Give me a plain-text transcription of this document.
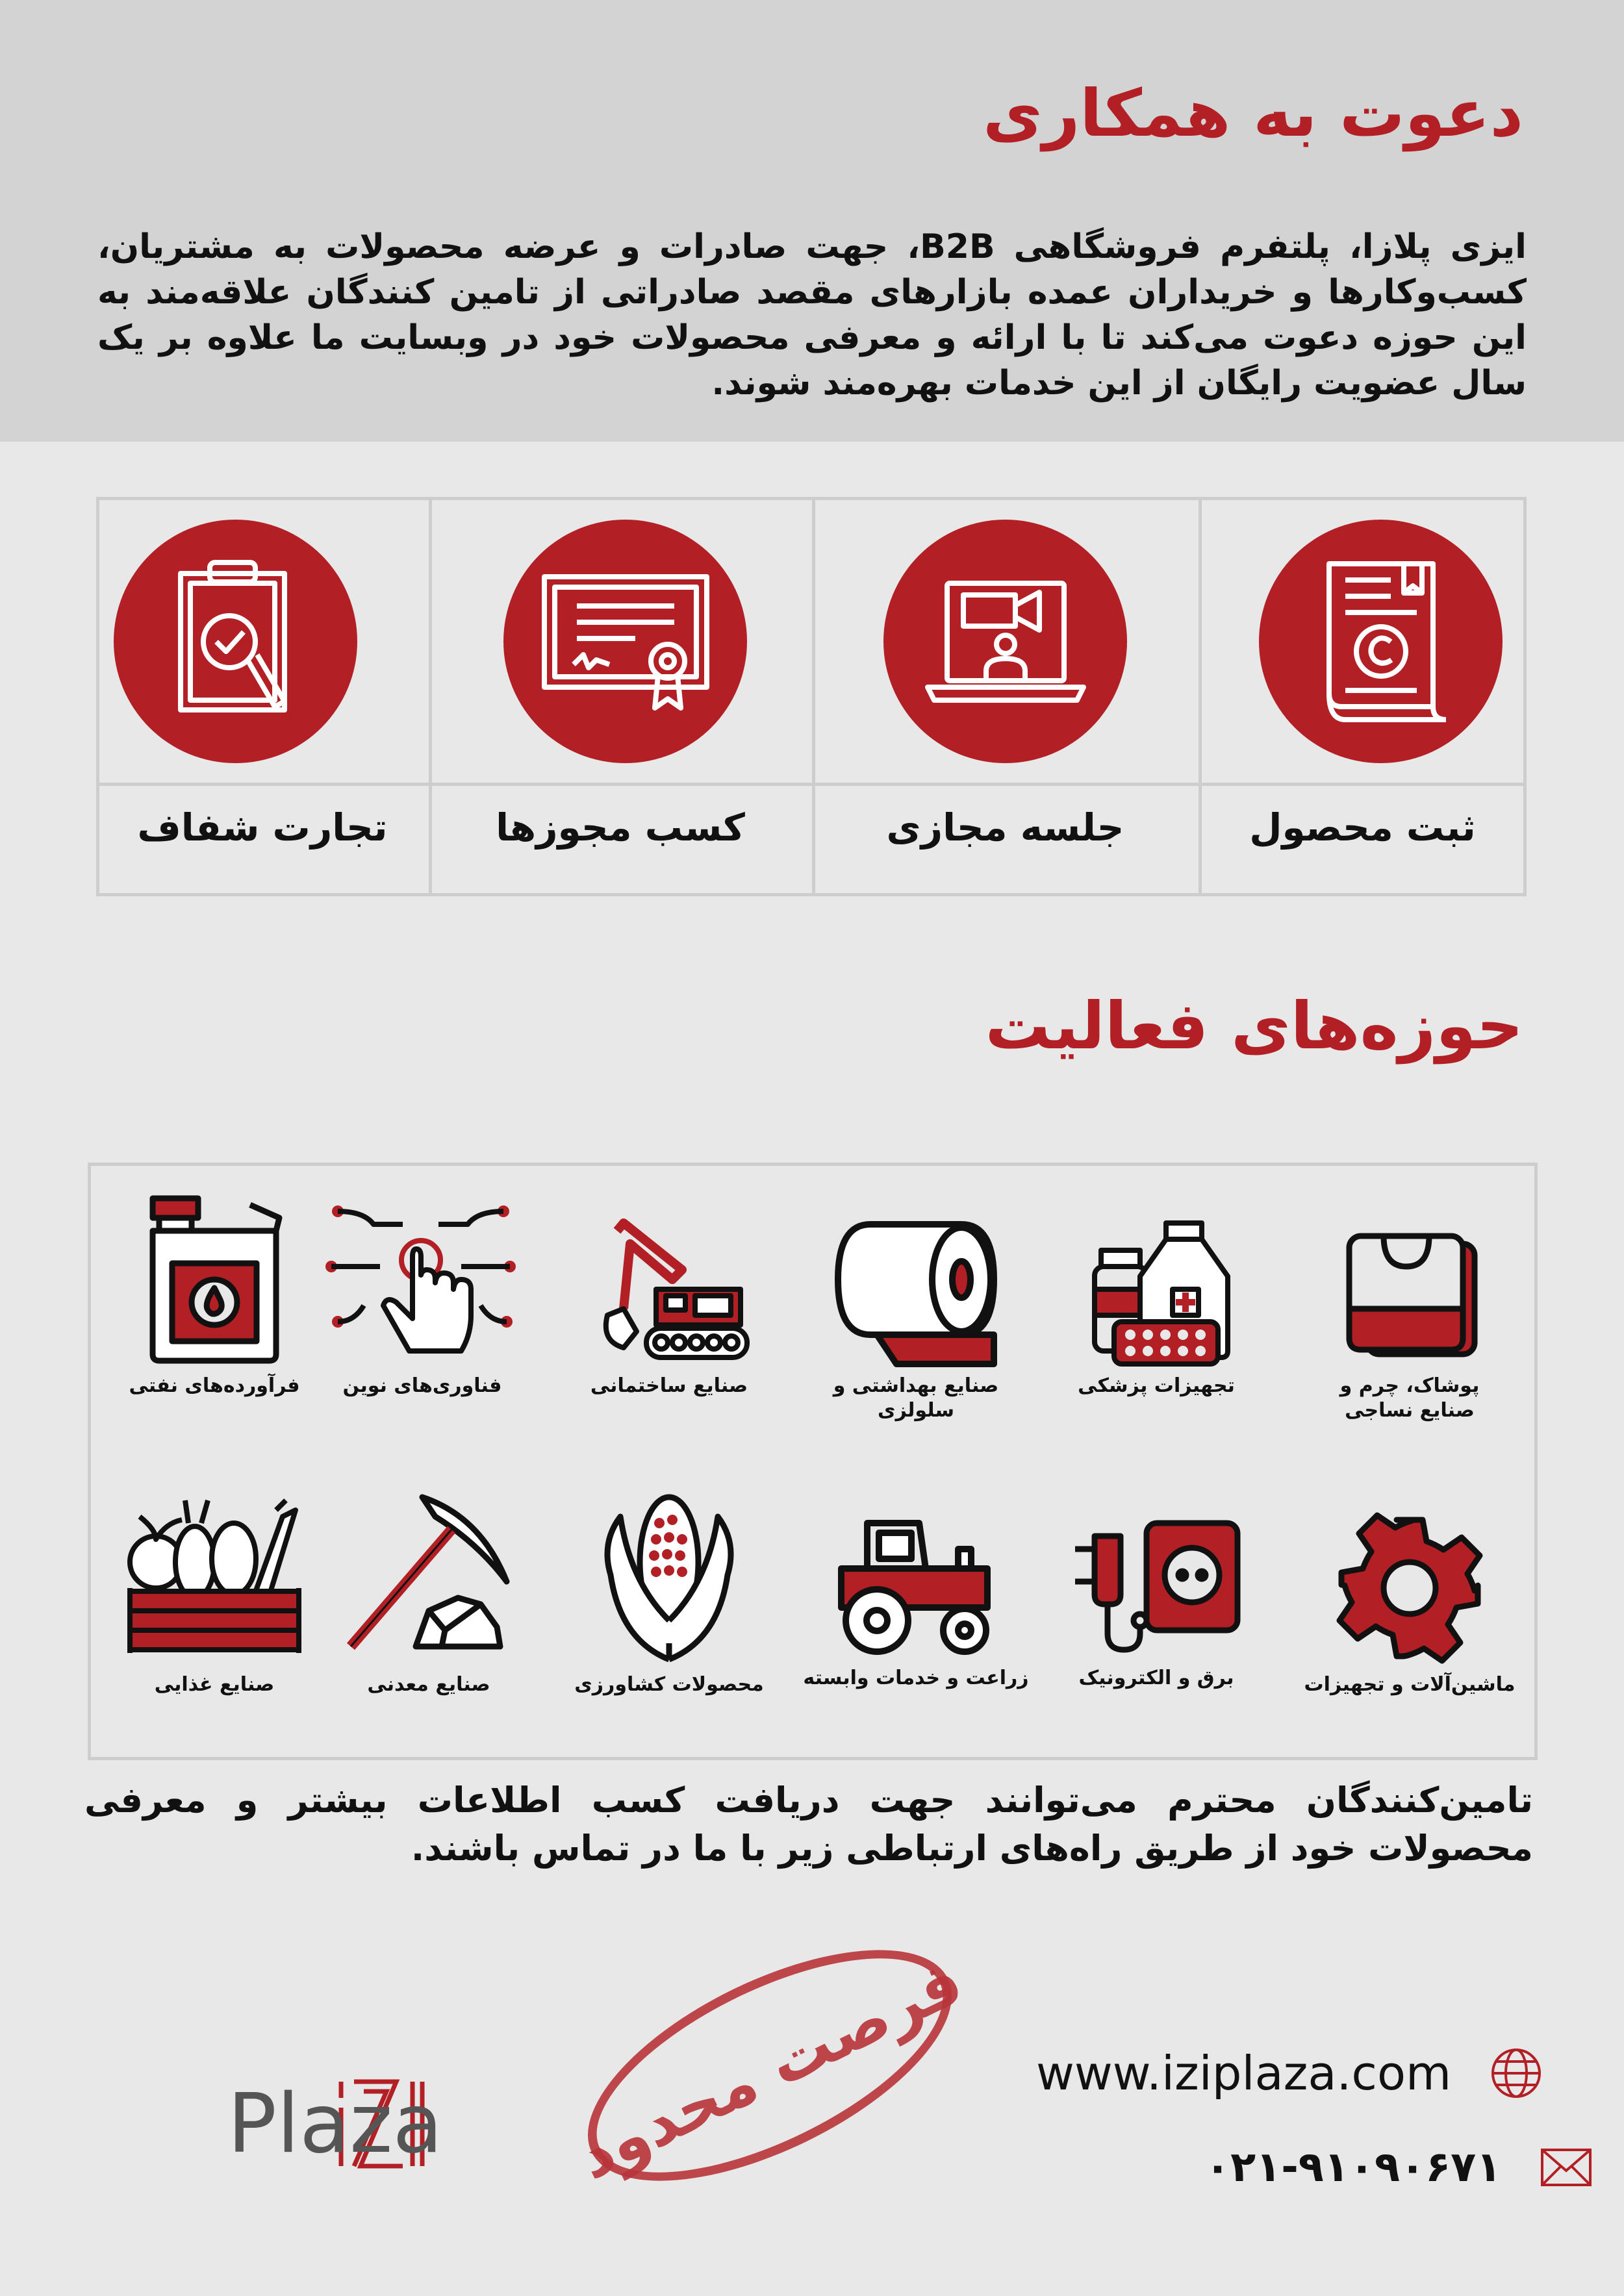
دعوت به همکاری

ایزی پلازا، پلتفرم فروشگاهی B2B، جهت صادرات و عرضه محصولات به مشتریان، کسب‌وکارها و خریداران عمده بازارهای مقصد صادراتی از تامین کنندگان علاقه‌مند به این حوزه دعوت می‌کند تا با ارائه و معرفی محصولات خود در وبسایت ما علاوه بر یک سال عضویت رایگان از این خدمات بهره‌مند شوند.

ثبت محصول
جلسه مجازی
کسب مجوزها
تجارت شفاف
حوزه‌های فعالیت
پوشاک، چرم و
صنایع نساجی
تجهیزات پزشکی
صنایع بهداشتی و سلولزی
صنایع ساختمانی
فناوری‌های نوین
فرآورده‌های نفتی
ماشین‌آلات و تجهیزات
برق و الکترونیک
زراعت و خدمات وابسته
محصولات کشاورزی
صنایع معدنی
صنایع غذایی

تامین‌کنندگان محترم می‌توانند جهت دریافت کسب اطلاعات بیشتر و معرفی محصولات خود از طریق راه‌های ارتباطی زیر با ما در تماس باشند.

Plaza فرصت محدود www.iziplaza.com
۰۲۱-۹۱۰۹۰۶۷۱
